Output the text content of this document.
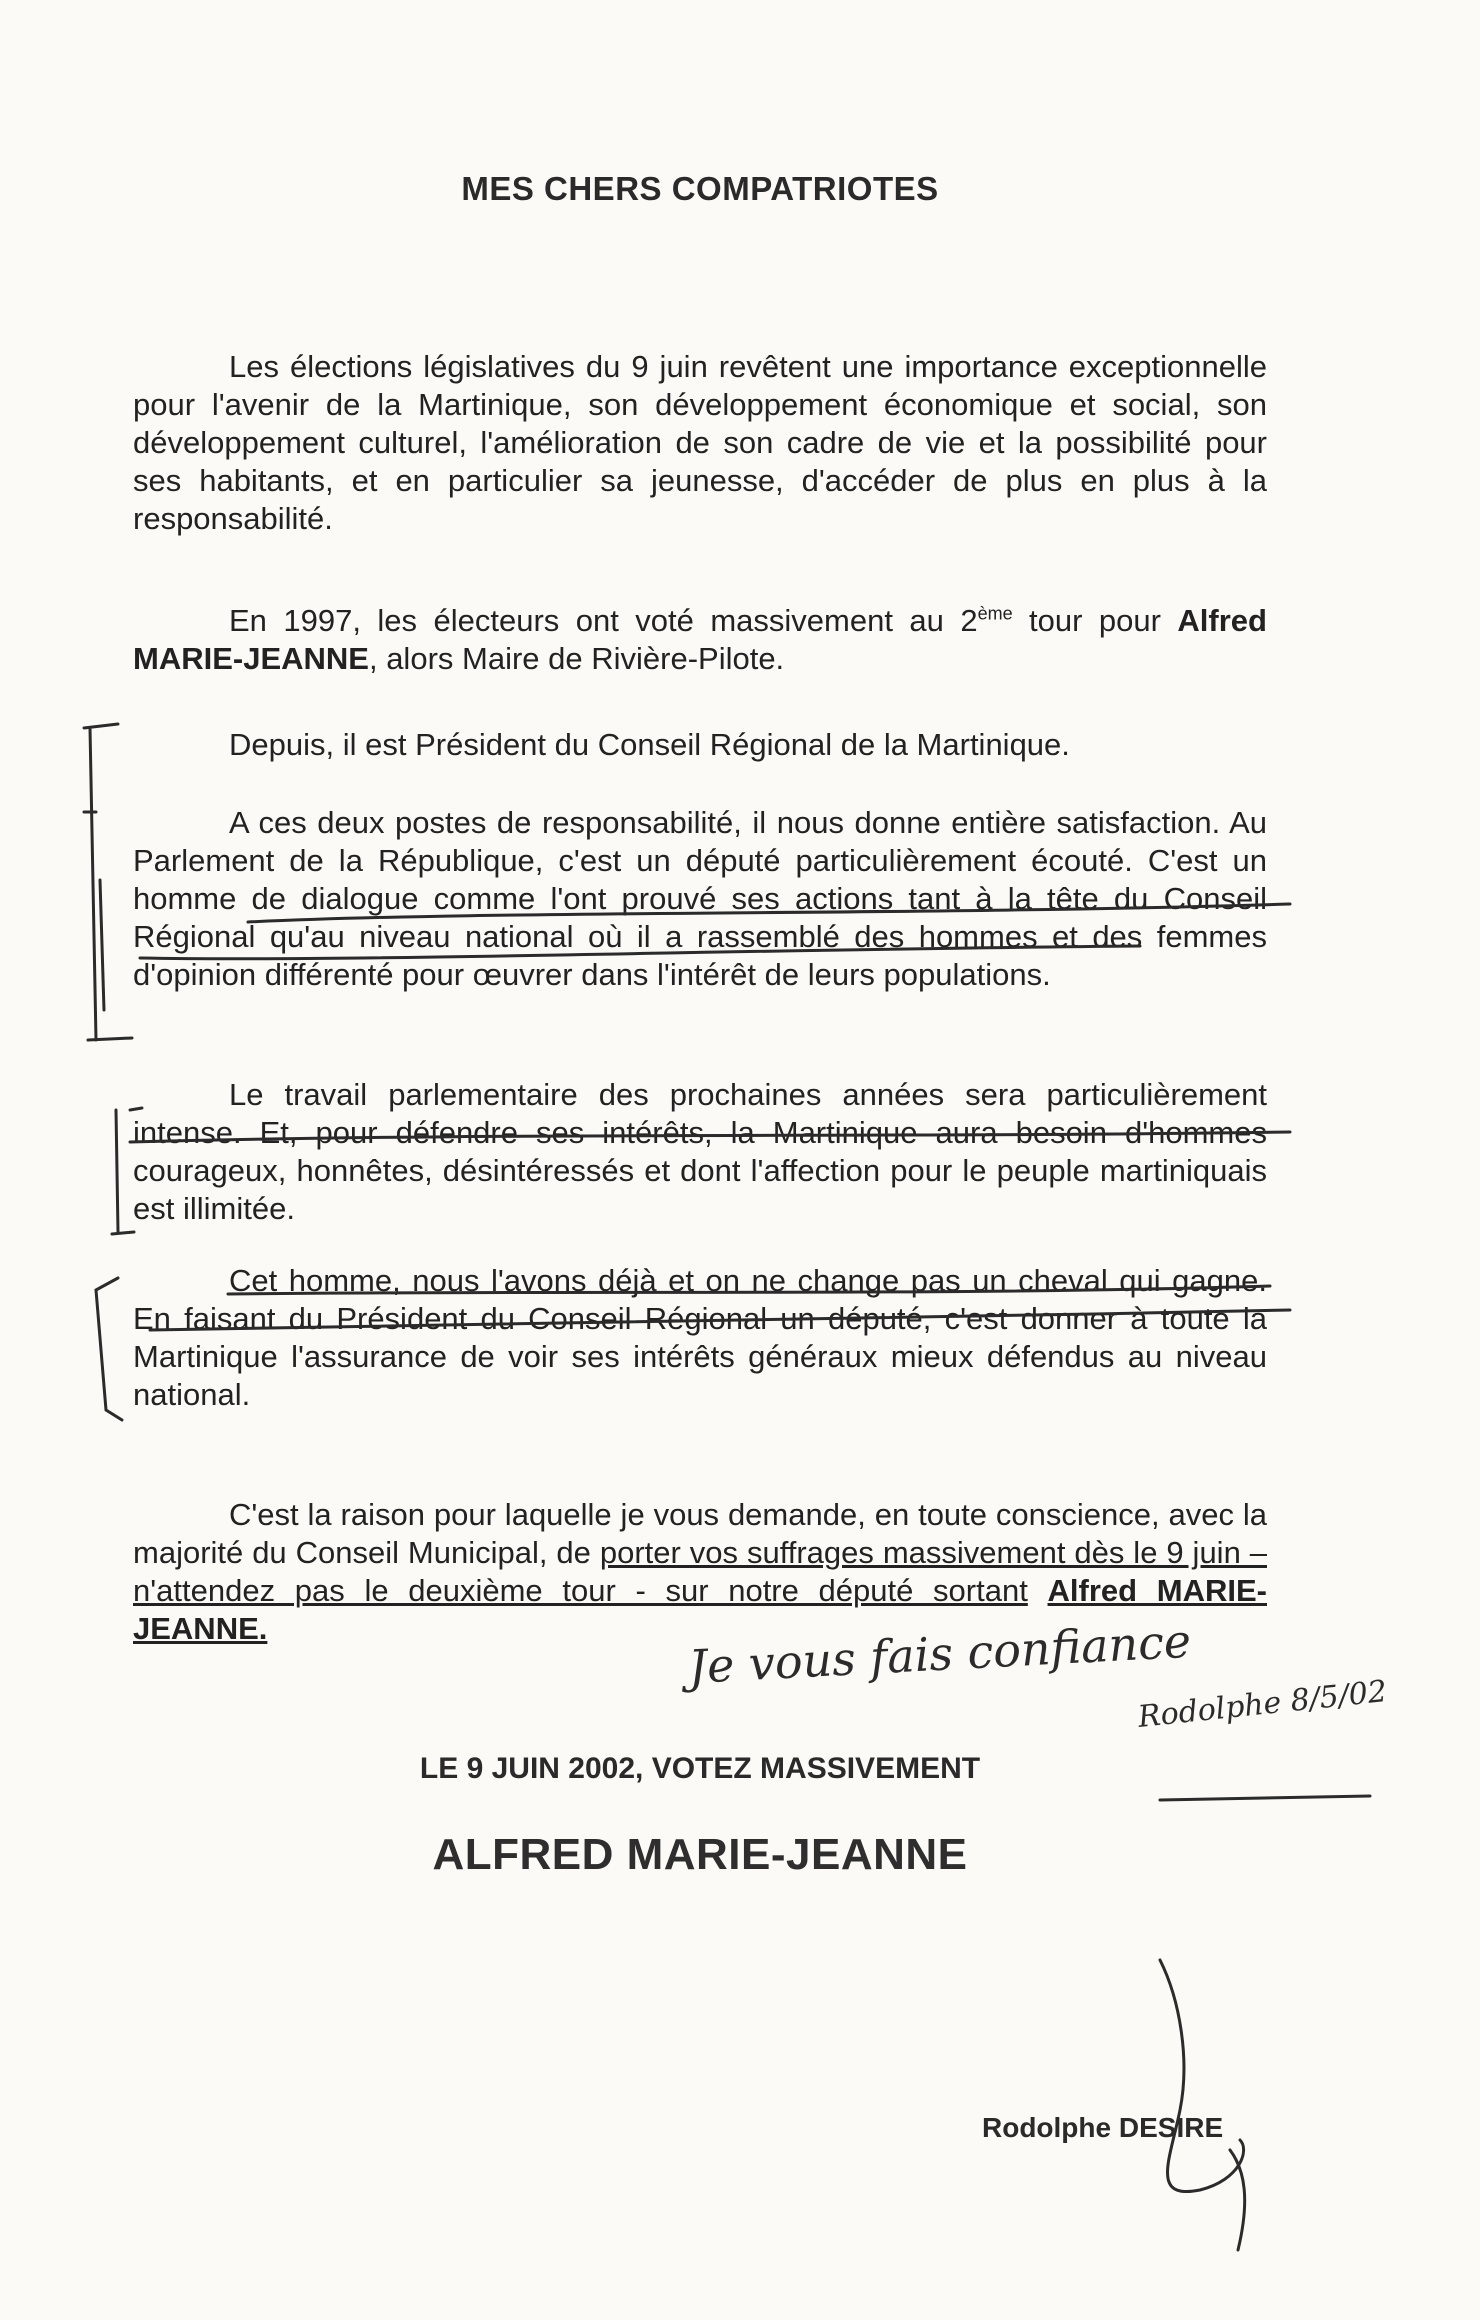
MES CHERS COMPATRIOTES

Les élections législatives du 9 juin revêtent une importance exceptionnelle pour l'avenir de la Martinique, son développement économique et social, son développement culturel, l'amélioration de son cadre de vie et la possibilité pour ses habitants, et en particulier sa jeunesse, d'accéder de plus en plus à la responsabilité.

En 1997, les électeurs ont voté massivement au 2ème tour pour Alfred MARIE-JEANNE, alors Maire de Rivière-Pilote.

Depuis, il est Président du Conseil Régional de la Martinique.

A ces deux postes de responsabilité, il nous donne entière satisfaction. Au Parlement de la République, c'est un député particulièrement écouté. C'est un homme de dialogue comme l'ont prouvé ses actions tant à la tête du Conseil Régional qu'au niveau national où il a rassemblé des hommes et des femmes d'opinion différenté pour œuvrer dans l'intérêt de leurs populations.

Le travail parlementaire des prochaines années sera particulièrement intense. Et, pour défendre ses intérêts, la Martinique aura besoin d'hommes courageux, honnêtes, désintéressés et dont l'affection pour le peuple martiniquais est illimitée.

Cet homme, nous l'avons déjà et on ne change pas un cheval qui gagne. En faisant du Président du Conseil Régional un député, c'est donner à toute la Martinique l'assurance de voir ses intérêts généraux mieux défendus au niveau national.

C'est la raison pour laquelle je vous demande, en toute conscience, avec la majorité du Conseil Municipal, de porter vos suffrages massivement dès le 9 juin – n'attendez pas le deuxième tour - sur notre député sortant Alfred MARIE-JEANNE.	Je vous fais confiance
Rodolphe 8/5/02
LE 9 JUIN 2002, VOTEZ MASSIVEMENT
ALFRED MARIE-JEANNE
Rodolphe DESIRE
